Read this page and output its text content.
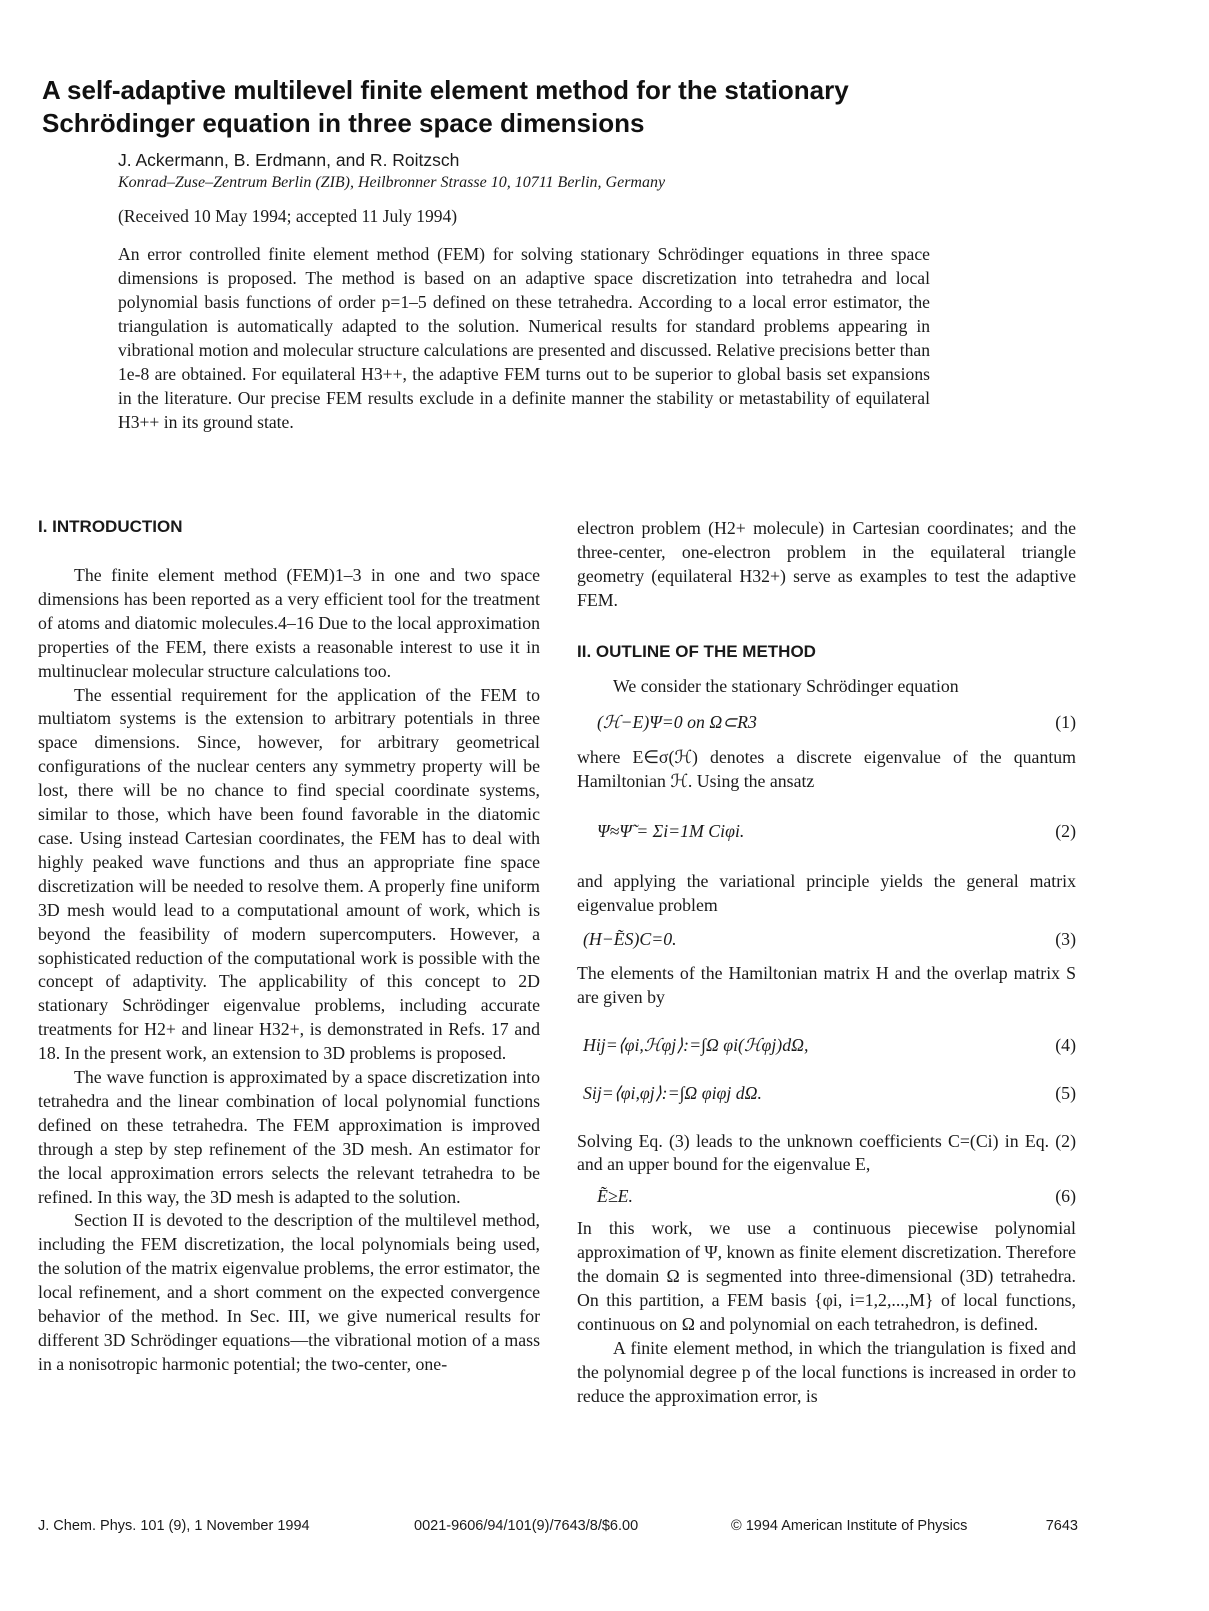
A self-adaptive multilevel finite element method for the stationary
Schrödinger equation in three space dimensions
J. Ackermann, B. Erdmann, and R. Roitzsch
Konrad–Zuse–Zentrum Berlin (ZIB), Heilbronner Strasse 10, 10711 Berlin, Germany
(Received 10 May 1994; accepted 11 July 1994)
An error controlled finite element method (FEM) for solving stationary Schrödinger equations in three space dimensions is proposed. The method is based on an adaptive space discretization into tetrahedra and local polynomial basis functions of order p=1–5 defined on these tetrahedra. According to a local error estimator, the triangulation is automatically adapted to the solution. Numerical results for standard problems appearing in vibrational motion and molecular structure calculations are presented and discussed. Relative precisions better than 1e-8 are obtained. For equilateral H3++, the adaptive FEM turns out to be superior to global basis set expansions in the literature. Our precise FEM results exclude in a definite manner the stability or metastability of equilateral H3++ in its ground state.
I. INTRODUCTION

The finite element method (FEM)1–3 in one and two space dimensions has been reported as a very efficient tool for the treatment of atoms and diatomic molecules.4–16 Due to the local approximation properties of the FEM, there exists a reasonable interest to use it in multinuclear molecular structure calculations too.

The essential requirement for the application of the FEM to multiatom systems is the extension to arbitrary potentials in three space dimensions. Since, however, for arbitrary geometrical configurations of the nuclear centers any symmetry property will be lost, there will be no chance to find special coordinate systems, similar to those, which have been found favorable in the diatomic case. Using instead Cartesian coordinates, the FEM has to deal with highly peaked wave functions and thus an appropriate fine space discretization will be needed to resolve them. A properly fine uniform 3D mesh would lead to a computational amount of work, which is beyond the feasibility of modern supercomputers. However, a sophisticated reduction of the computational work is possible with the concept of adaptivity. The applicability of this concept to 2D stationary Schrödinger eigenvalue problems, including accurate treatments for H2+ and linear H32+, is demonstrated in Refs. 17 and 18. In the present work, an extension to 3D problems is proposed.

The wave function is approximated by a space discretization into tetrahedra and the linear combination of local polynomial functions defined on these tetrahedra. The FEM approximation is improved through a step by step refinement of the 3D mesh. An estimator for the local approximation errors selects the relevant tetrahedra to be refined. In this way, the 3D mesh is adapted to the solution.

Section II is devoted to the description of the multilevel method, including the FEM discretization, the local polynomials being used, the solution of the matrix eigenvalue problems, the error estimator, the local refinement, and a short comment on the expected convergence behavior of the method. In Sec. III, we give numerical results for different 3D Schrödinger equations—the vibrational motion of a mass in a nonisotropic harmonic potential; the two-center, one-

electron problem (H2+ molecule) in Cartesian coordinates; and the three-center, one-electron problem in the equilateral triangle geometry (equilateral H32+) serve as examples to test the adaptive FEM.

II. OUTLINE OF THE METHOD

We consider the stationary Schrödinger equation

(ℋ−E)Ψ=0 on Ω⊂R3	(1)

where E∈σ(ℋ) denotes a discrete eigenvalue of the quantum Hamiltonian ℋ. Using the ansatz

Ψ≈Ψ̃ = Σi=1M Ciφi.	(2)

and applying the variational principle yields the general matrix eigenvalue problem

(H−ẼS)C=0.	(3)

The elements of the Hamiltonian matrix H and the overlap matrix S are given by

Hij=⟨φi,ℋφj⟩:=∫Ω φi(ℋφj)dΩ,	(4)
Sij=⟨φi,φj⟩:=∫Ω φiφj dΩ.	(5)

Solving Eq. (3) leads to the unknown coefficients C=(Ci) in Eq. (2) and an upper bound for the eigenvalue E,

Ẽ≥E.	(6)

In this work, we use a continuous piecewise polynomial approximation of Ψ, known as finite element discretization. Therefore the domain Ω is segmented into three-dimensional (3D) tetrahedra. On this partition, a FEM basis {φi, i=1,2,...,M} of local functions, continuous on Ω and polynomial on each tetrahedron, is defined.

A finite element method, in which the triangulation is fixed and the polynomial degree p of the local functions is increased in order to reduce the approximation error, is

J. Chem. Phys. 101 (9), 1 November 1994	0021-9606/94/101(9)/7643/8/$6.00	© 1994 American Institute of Physics	7643
